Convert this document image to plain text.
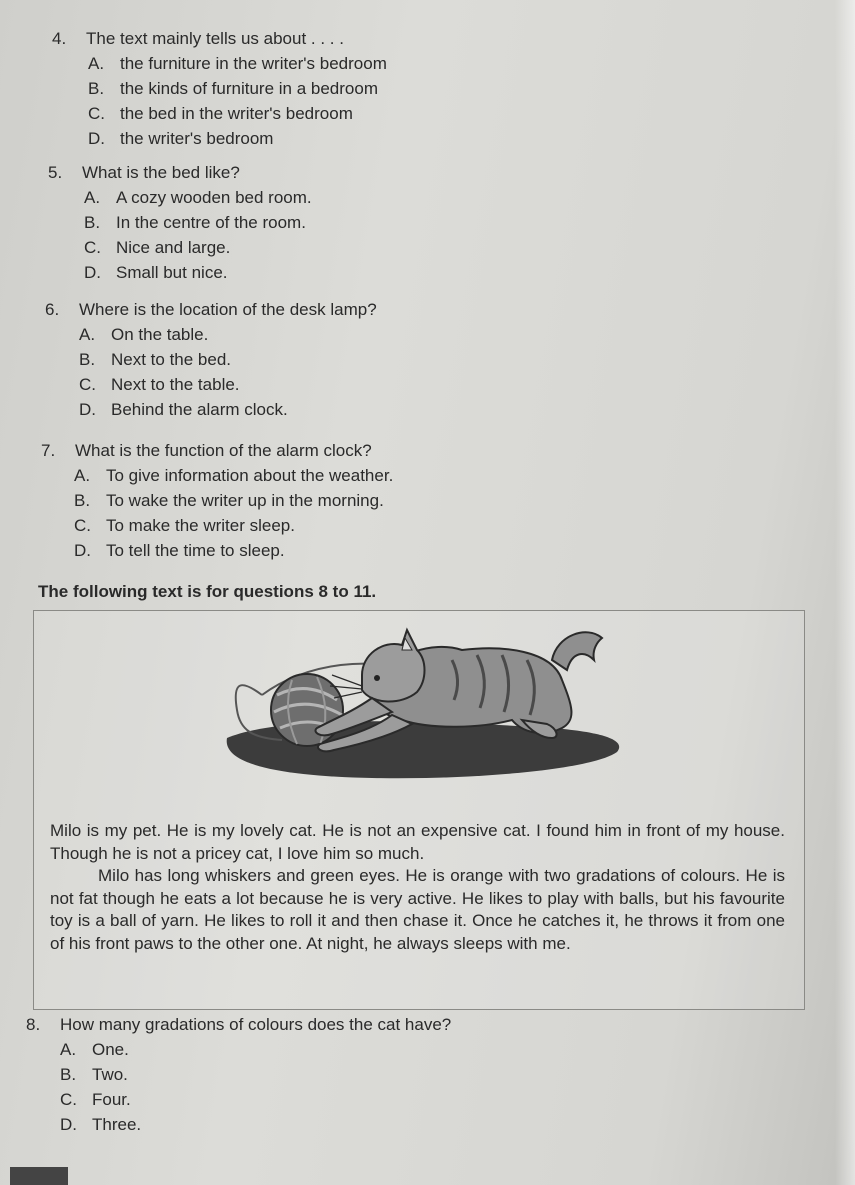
4. The text mainly tells us about . . . .
A. the furniture in the writer's bedroom
B. the kinds of furniture in a bedroom
C. the bed in the writer's bedroom
D. the writer's bedroom
5. What is the bed like?
A. A cozy wooden bed room.
B. In the centre of the room.
C. Nice and large.
D. Small but nice.
6. Where is the location of the desk lamp?
A. On the table.
B. Next to the bed.
C. Next to the table.
D. Behind the alarm clock.
7. What is the function of the alarm clock?
A. To give information about the weather.
B. To wake the writer up in the morning.
C. To make the writer sleep.
D. To tell the time to sleep.
The following text is for questions 8 to 11.

Milo is my pet. He is my lovely cat. He is not an expensive cat. I found him in front of my house. Though he is not a pricey cat, I love him so much.

Milo has long whiskers and green eyes. He is orange with two gradations of colours. He is not fat though he eats a lot because he is very active. He likes to play with balls, but his favourite toy is a ball of yarn. He likes to roll it and then chase it. Once he catches it, he throws it from one of his front paws to the other one. At night, he always sleeps with me.

8. How many gradations of colours does the cat have?
A. One.
B. Two.
C. Four.
D. Three.
